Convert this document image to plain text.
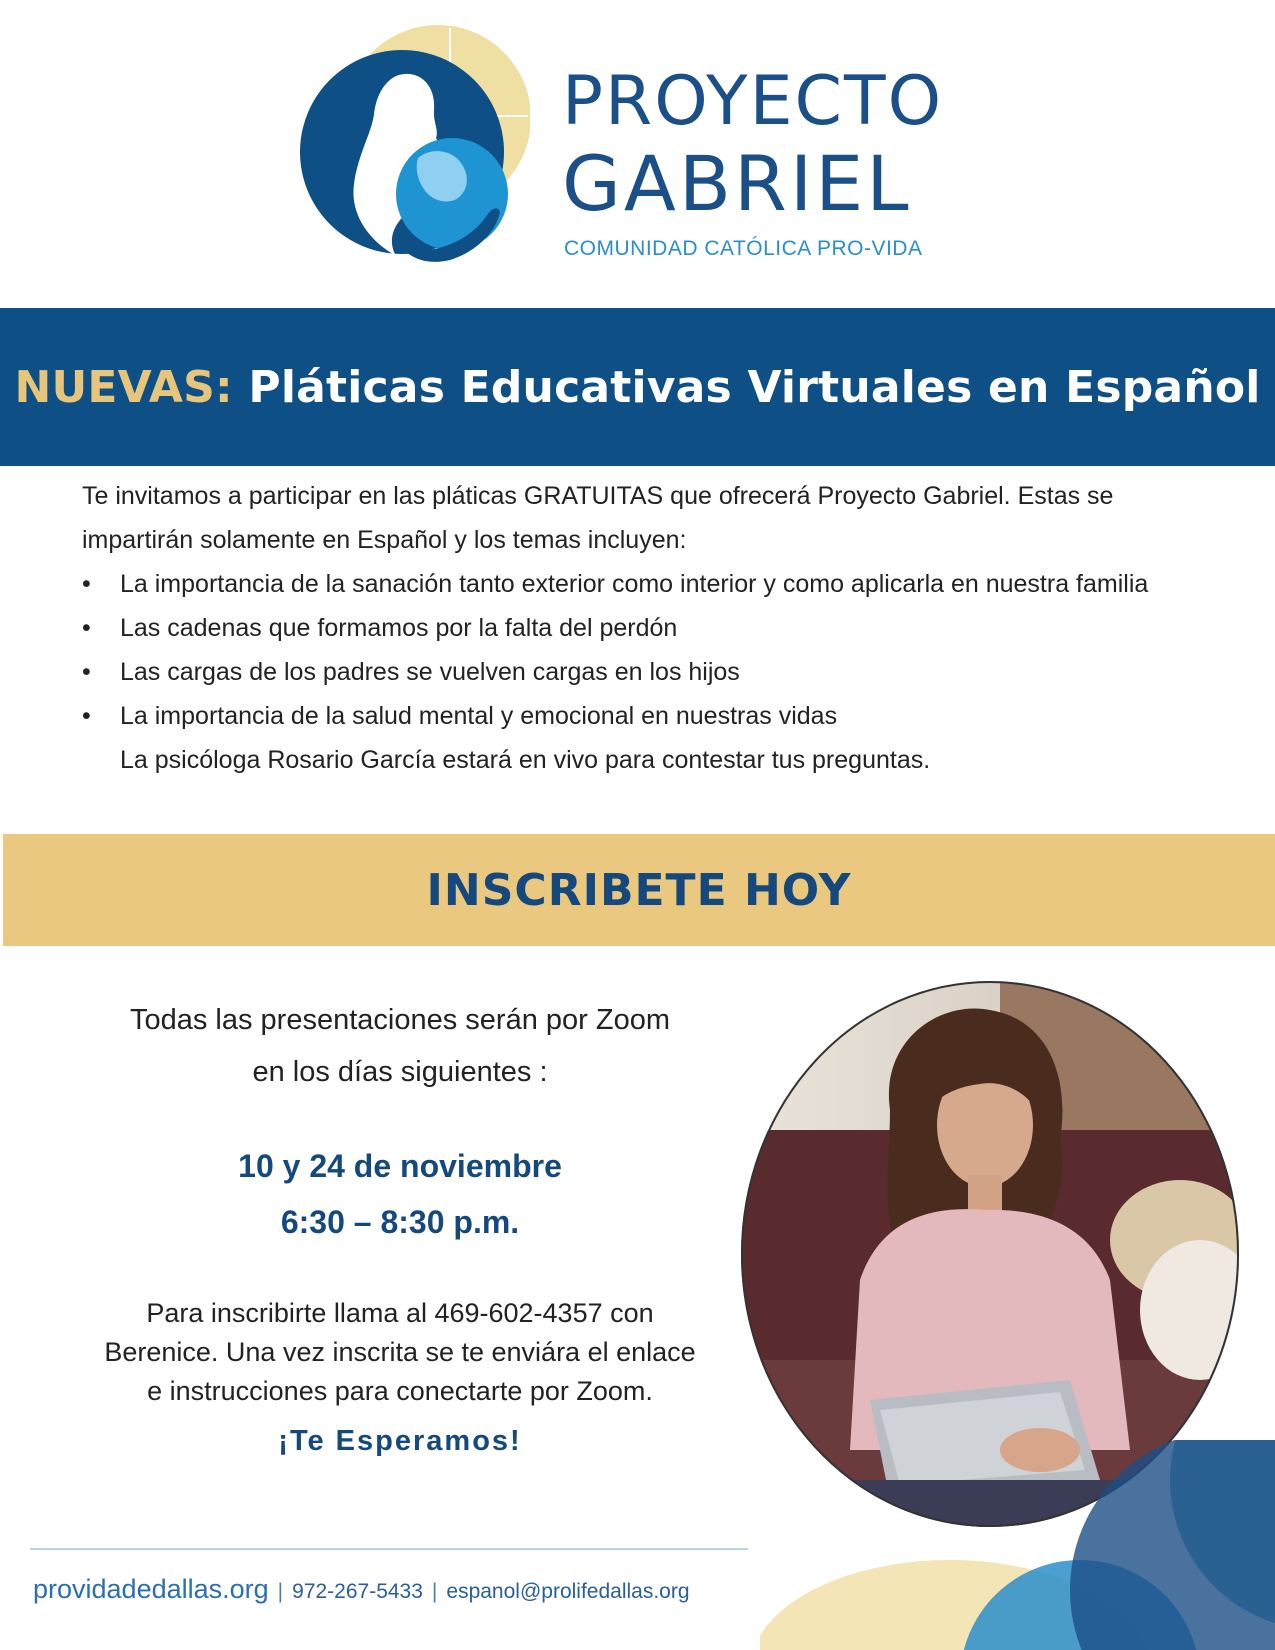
PROYECTO
GABRIEL
COMUNIDAD CATÓLICA PRO-VIDA
NUEVAS: Pláticas Educativas Virtuales en Español

Te invitamos a participar en las pláticas GRATUITAS que ofrecerá Proyecto Gabriel. Estas se impartirán solamente en Español y los temas incluyen:

• La importancia de la sanación tanto exterior como interior y como aplicarla en nuestra familia
• Las cadenas que formamos por la falta del perdón
• Las cargas de los padres se vuelven cargas en los hijos
• La importancia de la salud mental y emocional en nuestras vidas
La psicóloga Rosario García estará en vivo para contestar tus preguntas.
INSCRIBETE HOY

Todas las presentaciones serán por Zoom

en los días siguientes :

10 y 24 de noviembre

6:30 – 8:30 p.m.

Para inscribirte llama al 469-602-4357 con Berenice. Una vez inscrita se te enviára el enlace e instrucciones para conectarte por Zoom.

¡Te Esperamos!

providadedallas.org | 972-267-5433 | espanol@prolifedallas.org
